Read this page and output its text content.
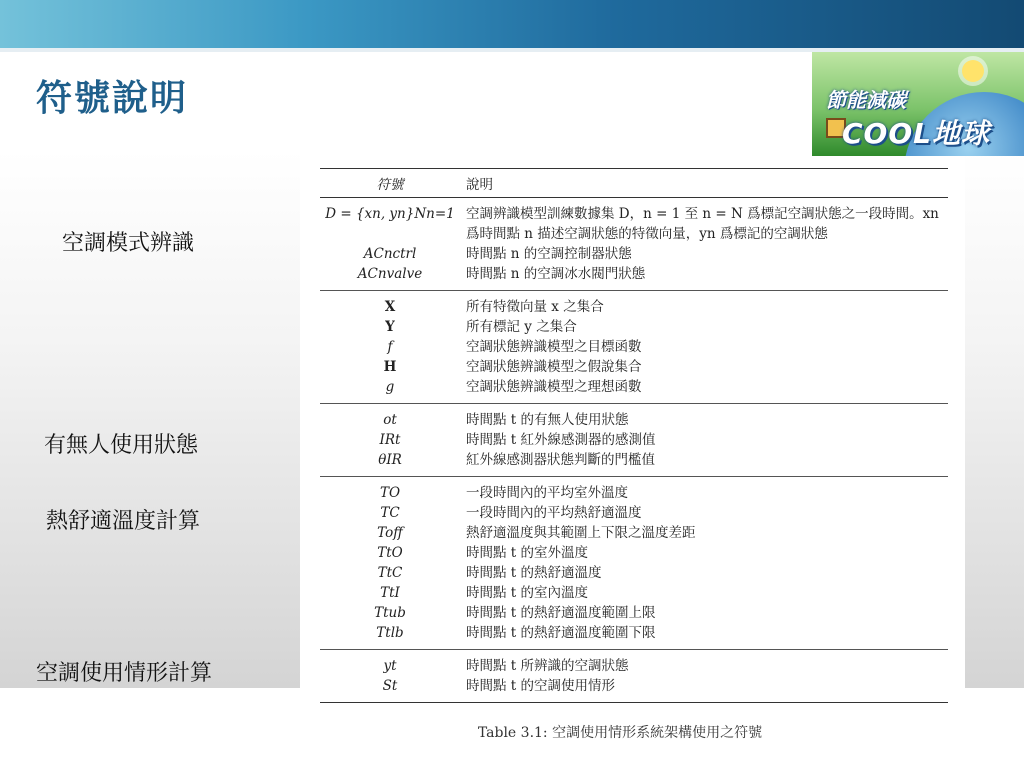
符號說明	節能減碳
COOL地球
空調模式辨識
有無人使用狀態
熱舒適溫度計算
空調使用情形計算
符號	說明
D = {xn, yn}Nn=1	空調辨識模型訓練數據集 D，n = 1 至 n = N 爲標記空調狀態之一段時間。xn 爲時間點 n 描述空調狀態的特徵向量，yn 爲標記的空調狀態
ACnctrl	時間點 n 的空調控制器狀態
ACnvalve	時間點 n 的空調冰水閥門狀態
X	所有特徵向量 x 之集合
Y	所有標記 y 之集合
f	空調狀態辨識模型之目標函數
H	空調狀態辨識模型之假說集合
g	空調狀態辨識模型之理想函數
ot	時間點 t 的有無人使用狀態
IRt	時間點 t 紅外線感測器的感測值
θIR	紅外線感測器狀態判斷的門檻值
TO	一段時間內的平均室外溫度
TC	一段時間內的平均熱舒適溫度
Toff	熱舒適溫度與其範圍上下限之溫度差距
TtO	時間點 t 的室外溫度
TtC	時間點 t 的熱舒適溫度
TtI	時間點 t 的室內溫度
Ttub	時間點 t 的熱舒適溫度範圍上限
Ttlb	時間點 t 的熱舒適溫度範圍下限
yt	時間點 t 所辨識的空調狀態
St	時間點 t 的空調使用情形
Table 3.1: 空調使用情形系統架構使用之符號
